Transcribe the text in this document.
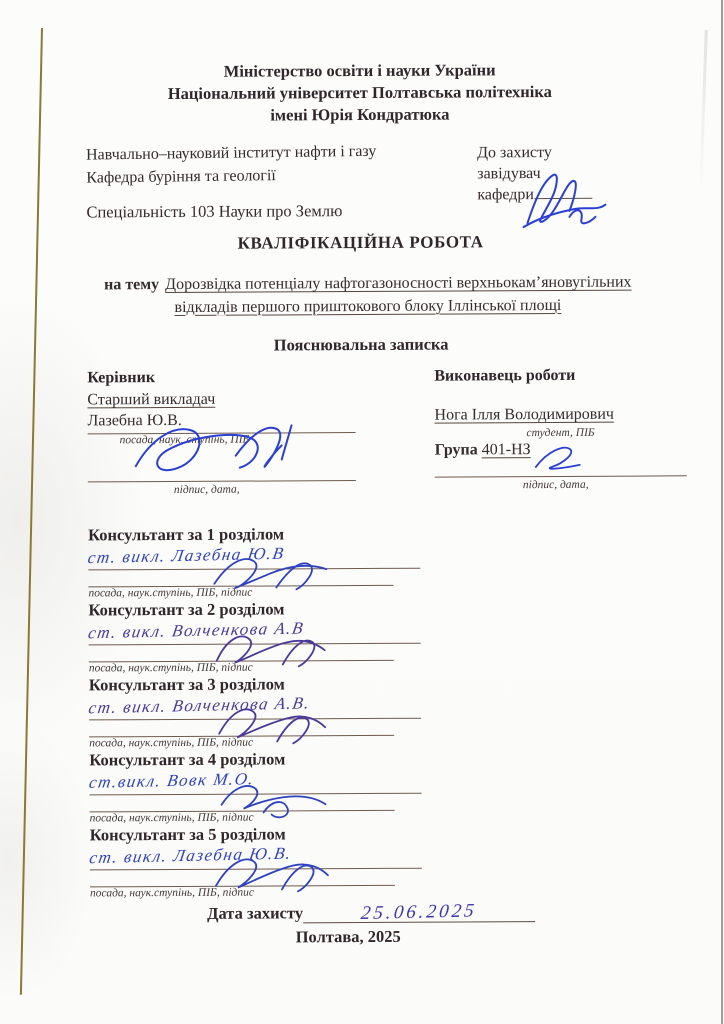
Міністерство освіти і науки України
Національний університет Полтавська політехніка
імені Юрія Кондратюка
Навчально–науковий інститут нафти і газу
Кафедра буріння та геології
До захисту
завідувач
кафедри
Спеціальність 103 Науки про Землю
КВАЛІФІКАЦІЙНА РОБОТА
на тему Дорозвідка потенціалу нафтогазоносності верхньокам’яновугільних
відкладів першого приштокового блоку Іллінської площі
Пояснювальна записка
Керівник
Старший викладач
Лазебна Ю.В.
посада, наук. ступінь, ПІБ
підпис, дата,
Виконавець роботи
Нога Ілля Володимирович
студент, ПІБ
Група 401-НЗ
підпис, дата,
Консультант за 1 розділом
ст. викл. Лазебна Ю.В
посада, наук.ступінь, ПІБ, підпис
Консультант за 2 розділом
ст. викл. Волченкова А.В
посада, наук.ступінь, ПІБ, підпис
Консультант за 3 розділом
ст. викл. Волченкова А.В.
посада, наук.ступінь, ПІБ, підпис
Консультант за 4 розділом
ст.викл. Вовк М.О.
посада, наук.ступінь, ПІБ, підпис
Консультант за 5 розділом
ст. викл. Лазебна Ю.В.
посада, наук.ступінь, ПІБ, підпис
Дата захисту	25.06.2025
Полтава, 2025
